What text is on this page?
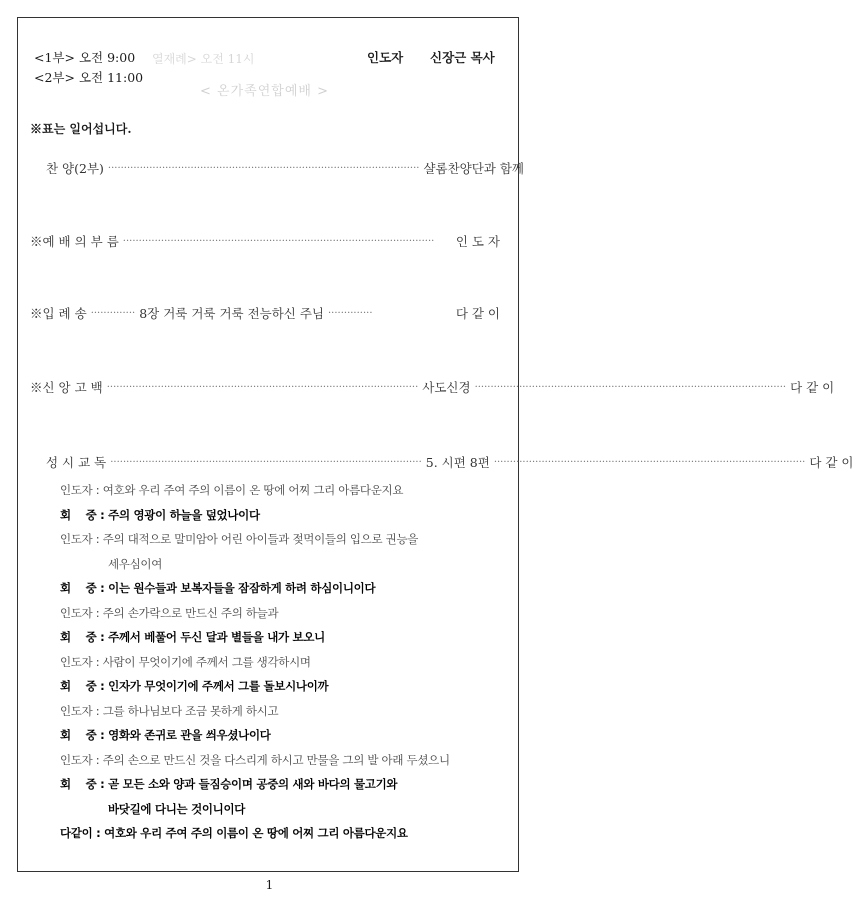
<1부> 오전 9:00
<2부> 오전 11:00
열재례> 오전 11시
< 온가족연합예배 >
인도자 신장근 목사
※표는 일어섭니다.
찬 양(2부) ·································································································· 샬롬찬양단과 함께
※예 배 의 부 름 ··································································································	인 도 자
※입 례 송 ·············· 8장 거룩 거룩 거룩 전능하신 주님 ··············	다 같 이
※신 앙 고 백 ·································································································· 사도신경 ·································································································· 다 같 이
성 시 교 독 ·································································································· 5. 시편 8편 ·································································································· 다 같 이
인도자 : 여호와 우리 주여 주의 이름이 온 땅에 어찌 그리 아름다운지요
회    중 : 주의 영광이 하늘을 덮었나이다
인도자 : 주의 대적으로 말미암아 어린 아이들과 젖먹이들의 입으로 권능을
세우심이여
회    중 : 이는 원수들과 보복자들을 잠잠하게 하려 하심이니이다
인도자 : 주의 손가락으로 만드신 주의 하늘과
회    중 : 주께서 베풀어 두신 달과 별들을 내가 보오니
인도자 : 사람이 무엇이기에 주께서 그를 생각하시며
회    중 : 인자가 무엇이기에 주께서 그를 돌보시나이까
인도자 : 그를 하나님보다 조금 못하게 하시고
회    중 : 영화와 존귀로 관을 씌우셨나이다
인도자 : 주의 손으로 만드신 것을 다스리게 하시고 만물을 그의 발 아래 두셨으니
회    중 : 곧 모든 소와 양과 들짐승이며 공중의 새와 바다의 물고기와
바닷길에 다니는 것이니이다
다같이 : 여호와 우리 주여 주의 이름이 온 땅에 어찌 그리 아름다운지요
1
